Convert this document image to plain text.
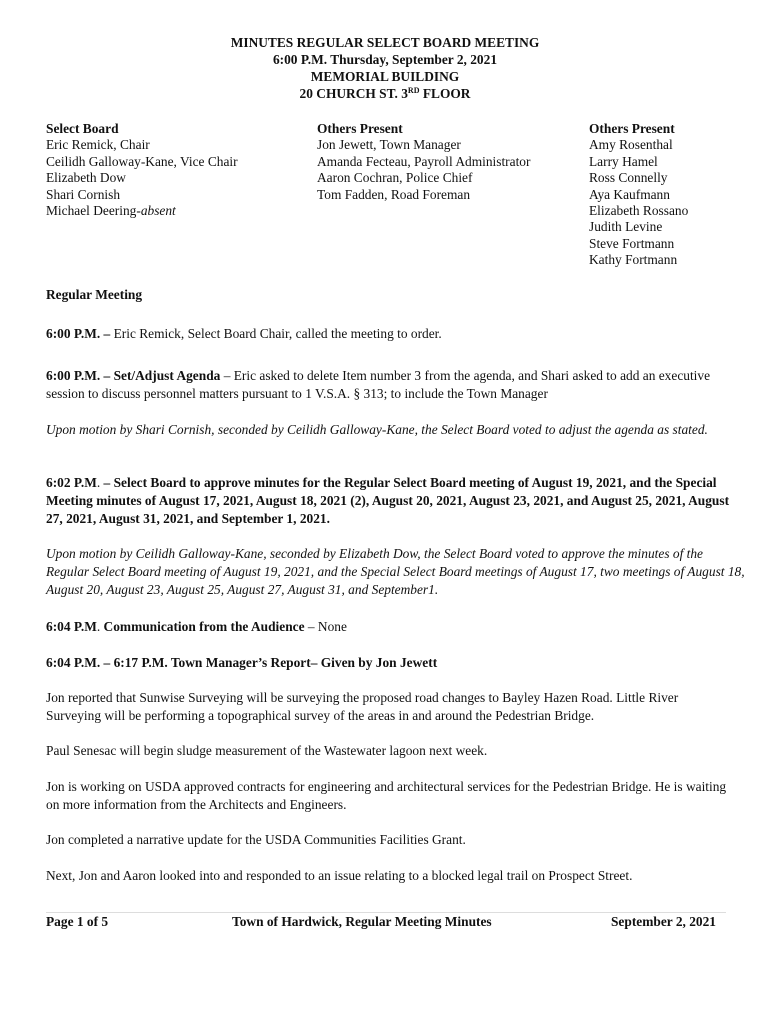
MINUTES REGULAR SELECT BOARD MEETING
6:00 P.M. Thursday, September 2, 2021
MEMORIAL BUILDING
20 CHURCH ST. 3RD FLOOR
Select Board
Eric Remick, Chair
Ceilidh Galloway-Kane, Vice Chair
Elizabeth Dow
Shari Cornish
Michael Deering-absent
Others Present
Jon Jewett, Town Manager
Amanda Fecteau, Payroll Administrator
Aaron Cochran, Police Chief
Tom Fadden, Road Foreman
Others Present
Amy Rosenthal
Larry Hamel
Ross Connelly
Aya Kaufmann
Elizabeth Rossano
Judith Levine
Steve Fortmann
Kathy Fortmann
Regular Meeting
6:00 P.M. – Eric Remick, Select Board Chair, called the meeting to order.
6:00 P.M. – Set/Adjust Agenda – Eric asked to delete Item number 3 from the agenda, and Shari asked to add an executive session to discuss personnel matters pursuant to 1 V.S.A. § 313; to include the Town Manager
Upon motion by Shari Cornish, seconded by Ceilidh Galloway-Kane, the Select Board voted to adjust the agenda as stated.
6:02 P.M. – Select Board to approve minutes for the Regular Select Board meeting of August 19, 2021, and the Special Meeting minutes of August 17, 2021, August 18, 2021 (2), August 20, 2021, August 23, 2021, and August 25, 2021, August 27, 2021, August 31, 2021, and September 1, 2021.
Upon motion by Ceilidh Galloway-Kane, seconded by Elizabeth Dow, the Select Board voted to approve the minutes of the Regular Select Board meeting of August 19, 2021, and the Special Select Board meetings of August 17, two meetings of August 18, August 20, August 23, August 25, August 27, August 31, and September1.
6:04 P.M. Communication from the Audience – None
6:04 P.M. – 6:17 P.M. Town Manager’s Report– Given by Jon Jewett
Jon reported that Sunwise Surveying will be surveying the proposed road changes to Bayley Hazen Road. Little River Surveying will be performing a topographical survey of the areas in and around the Pedestrian Bridge.
Paul Senesac will begin sludge measurement of the Wastewater lagoon next week.
Jon is working on USDA approved contracts for engineering and architectural services for the Pedestrian Bridge. He is waiting on more information from the Architects and Engineers.
Jon completed a narrative update for the USDA Communities Facilities Grant.
Next, Jon and Aaron looked into and responded to an issue relating to a blocked legal trail on Prospect Street.
Page 1 of 5	Town of Hardwick, Regular Meeting Minutes	September 2, 2021
